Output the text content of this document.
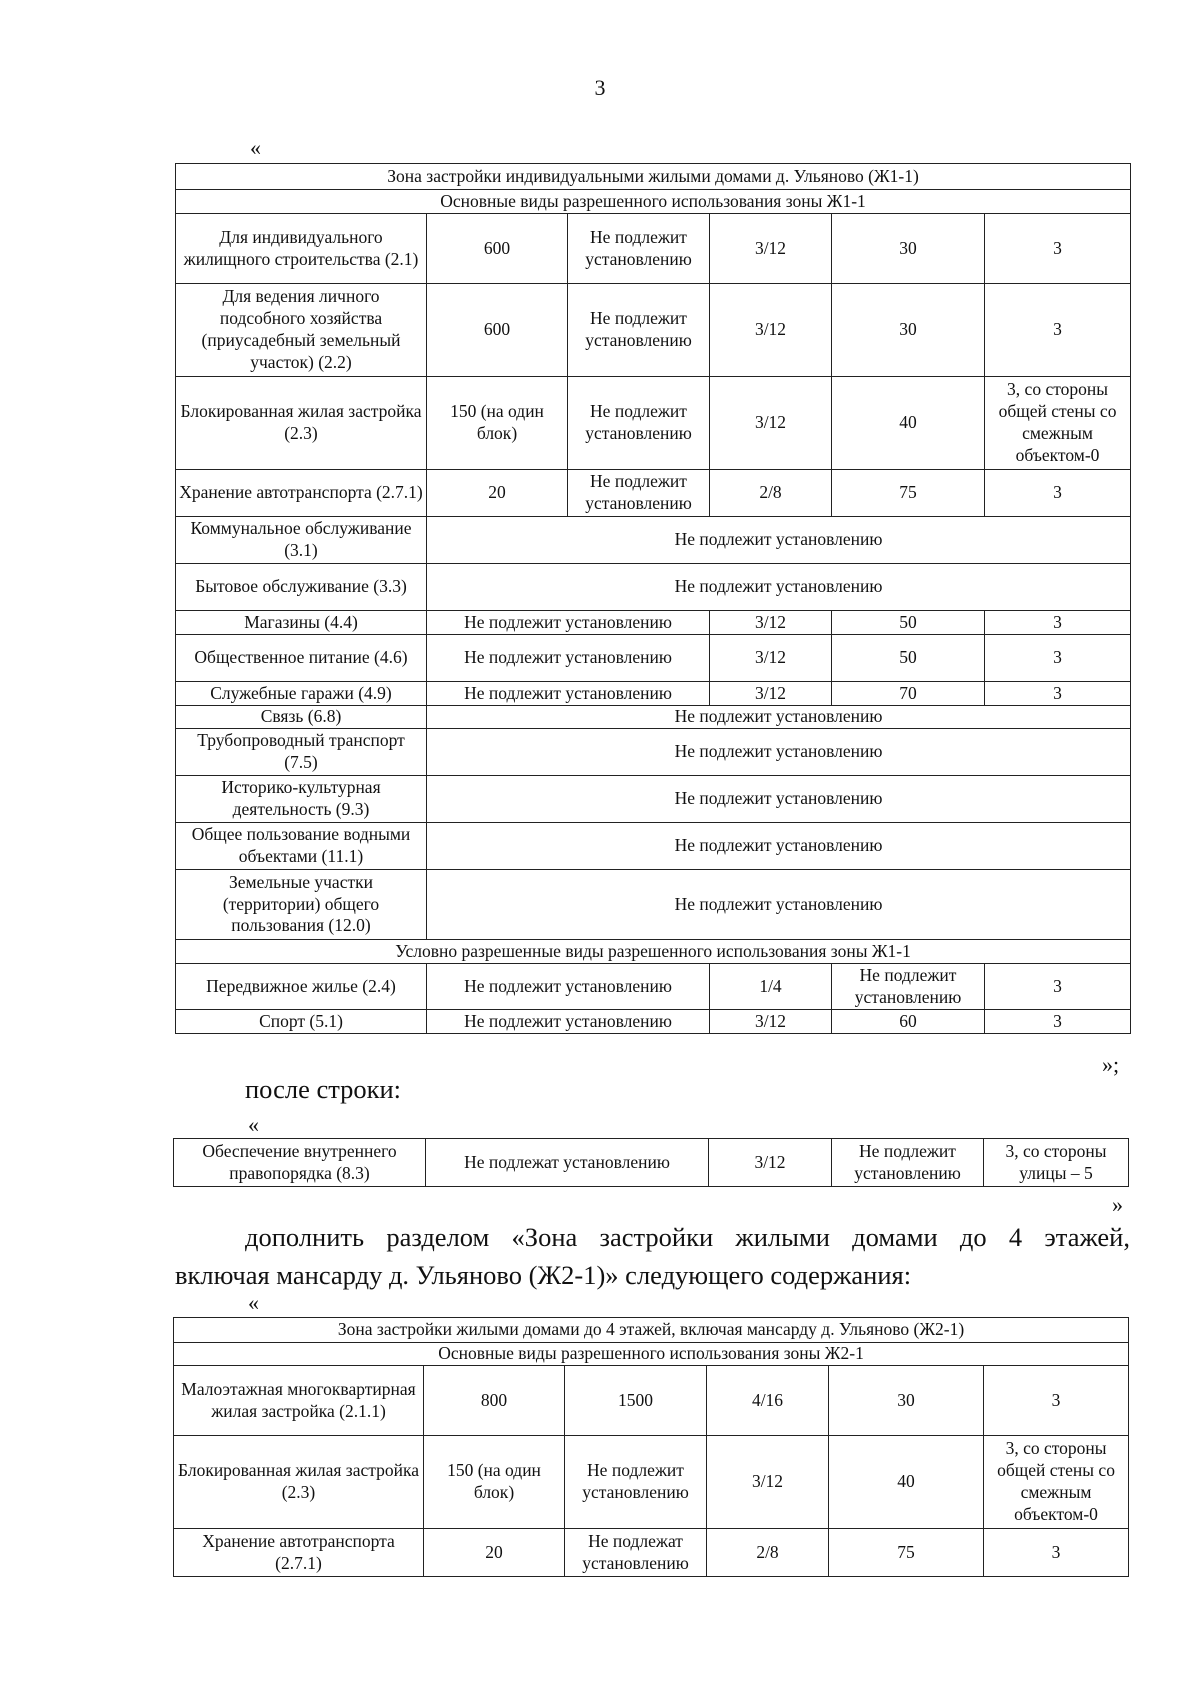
3
«
Зона застройки индивидуальными жилыми домами д. Ульяново (Ж1-1)					
Основные виды разрешенного использования зоны Ж1-1					
Для индивидуального жилищного строительства (2.1)	600	Не подлежит установлению	3/12	30	3
Для ведения личного подсобного хозяйства (приусадебный земельный участок) (2.2)	600	Не подлежит установлению	3/12	30	3
Блокированная жилая застройка (2.3)	150 (на один блок)	Не подлежит установлению	3/12	40	3, со стороны общей стены со смежным объектом-0
Хранение автотранспорта (2.7.1)	20	Не подлежит установлению	2/8	75	3
Коммунальное обслуживание (3.1)	Не подлежит установлению				
Бытовое обслуживание (3.3)	Не подлежит установлению				
Магазины (4.4)	Не подлежит установлению		3/12	50	3
Общественное питание (4.6)	Не подлежит установлению		3/12	50	3
Служебные гаражи (4.9)	Не подлежит установлению		3/12	70	3
Связь (6.8)	Не подлежит установлению				
Трубопроводный транспорт (7.5)	Не подлежит установлению				
Историко-культурная деятельность (9.3)	Не подлежит установлению				
Общее пользование водными объектами (11.1)	Не подлежит установлению				
Земельные участки (территории) общего пользования (12.0)	Не подлежит установлению				
Условно разрешенные виды разрешенного использования зоны Ж1-1					
Передвижное жилье (2.4)	Не подлежит установлению		1/4	Не подлежит установлению	3
Спорт (5.1)	Не подлежит установлению		3/12	60	3
»;
после строки:
«
Обеспечение внутреннего правопорядка (8.3)	Не подлежат установлению	3/12	Не подлежит установлению	3, со стороны улицы – 5
»
дополнить разделом «Зона застройки жилыми домами до 4 этажей,
включая мансарду д. Ульяново (Ж2-1)» следующего содержания:
«
Зона застройки жилыми домами до 4 этажей, включая мансарду д. Ульяново (Ж2-1)					
Основные виды разрешенного использования зоны Ж2-1					
Малоэтажная многоквартирная жилая застройка (2.1.1)	800	1500	4/16	30	3
Блокированная жилая застройка (2.3)	150 (на один блок)	Не подлежит установлению	3/12	40	3, со стороны общей стены со смежным объектом-0
Хранение автотранспорта (2.7.1)	20	Не подлежат установлению	2/8	75	3
